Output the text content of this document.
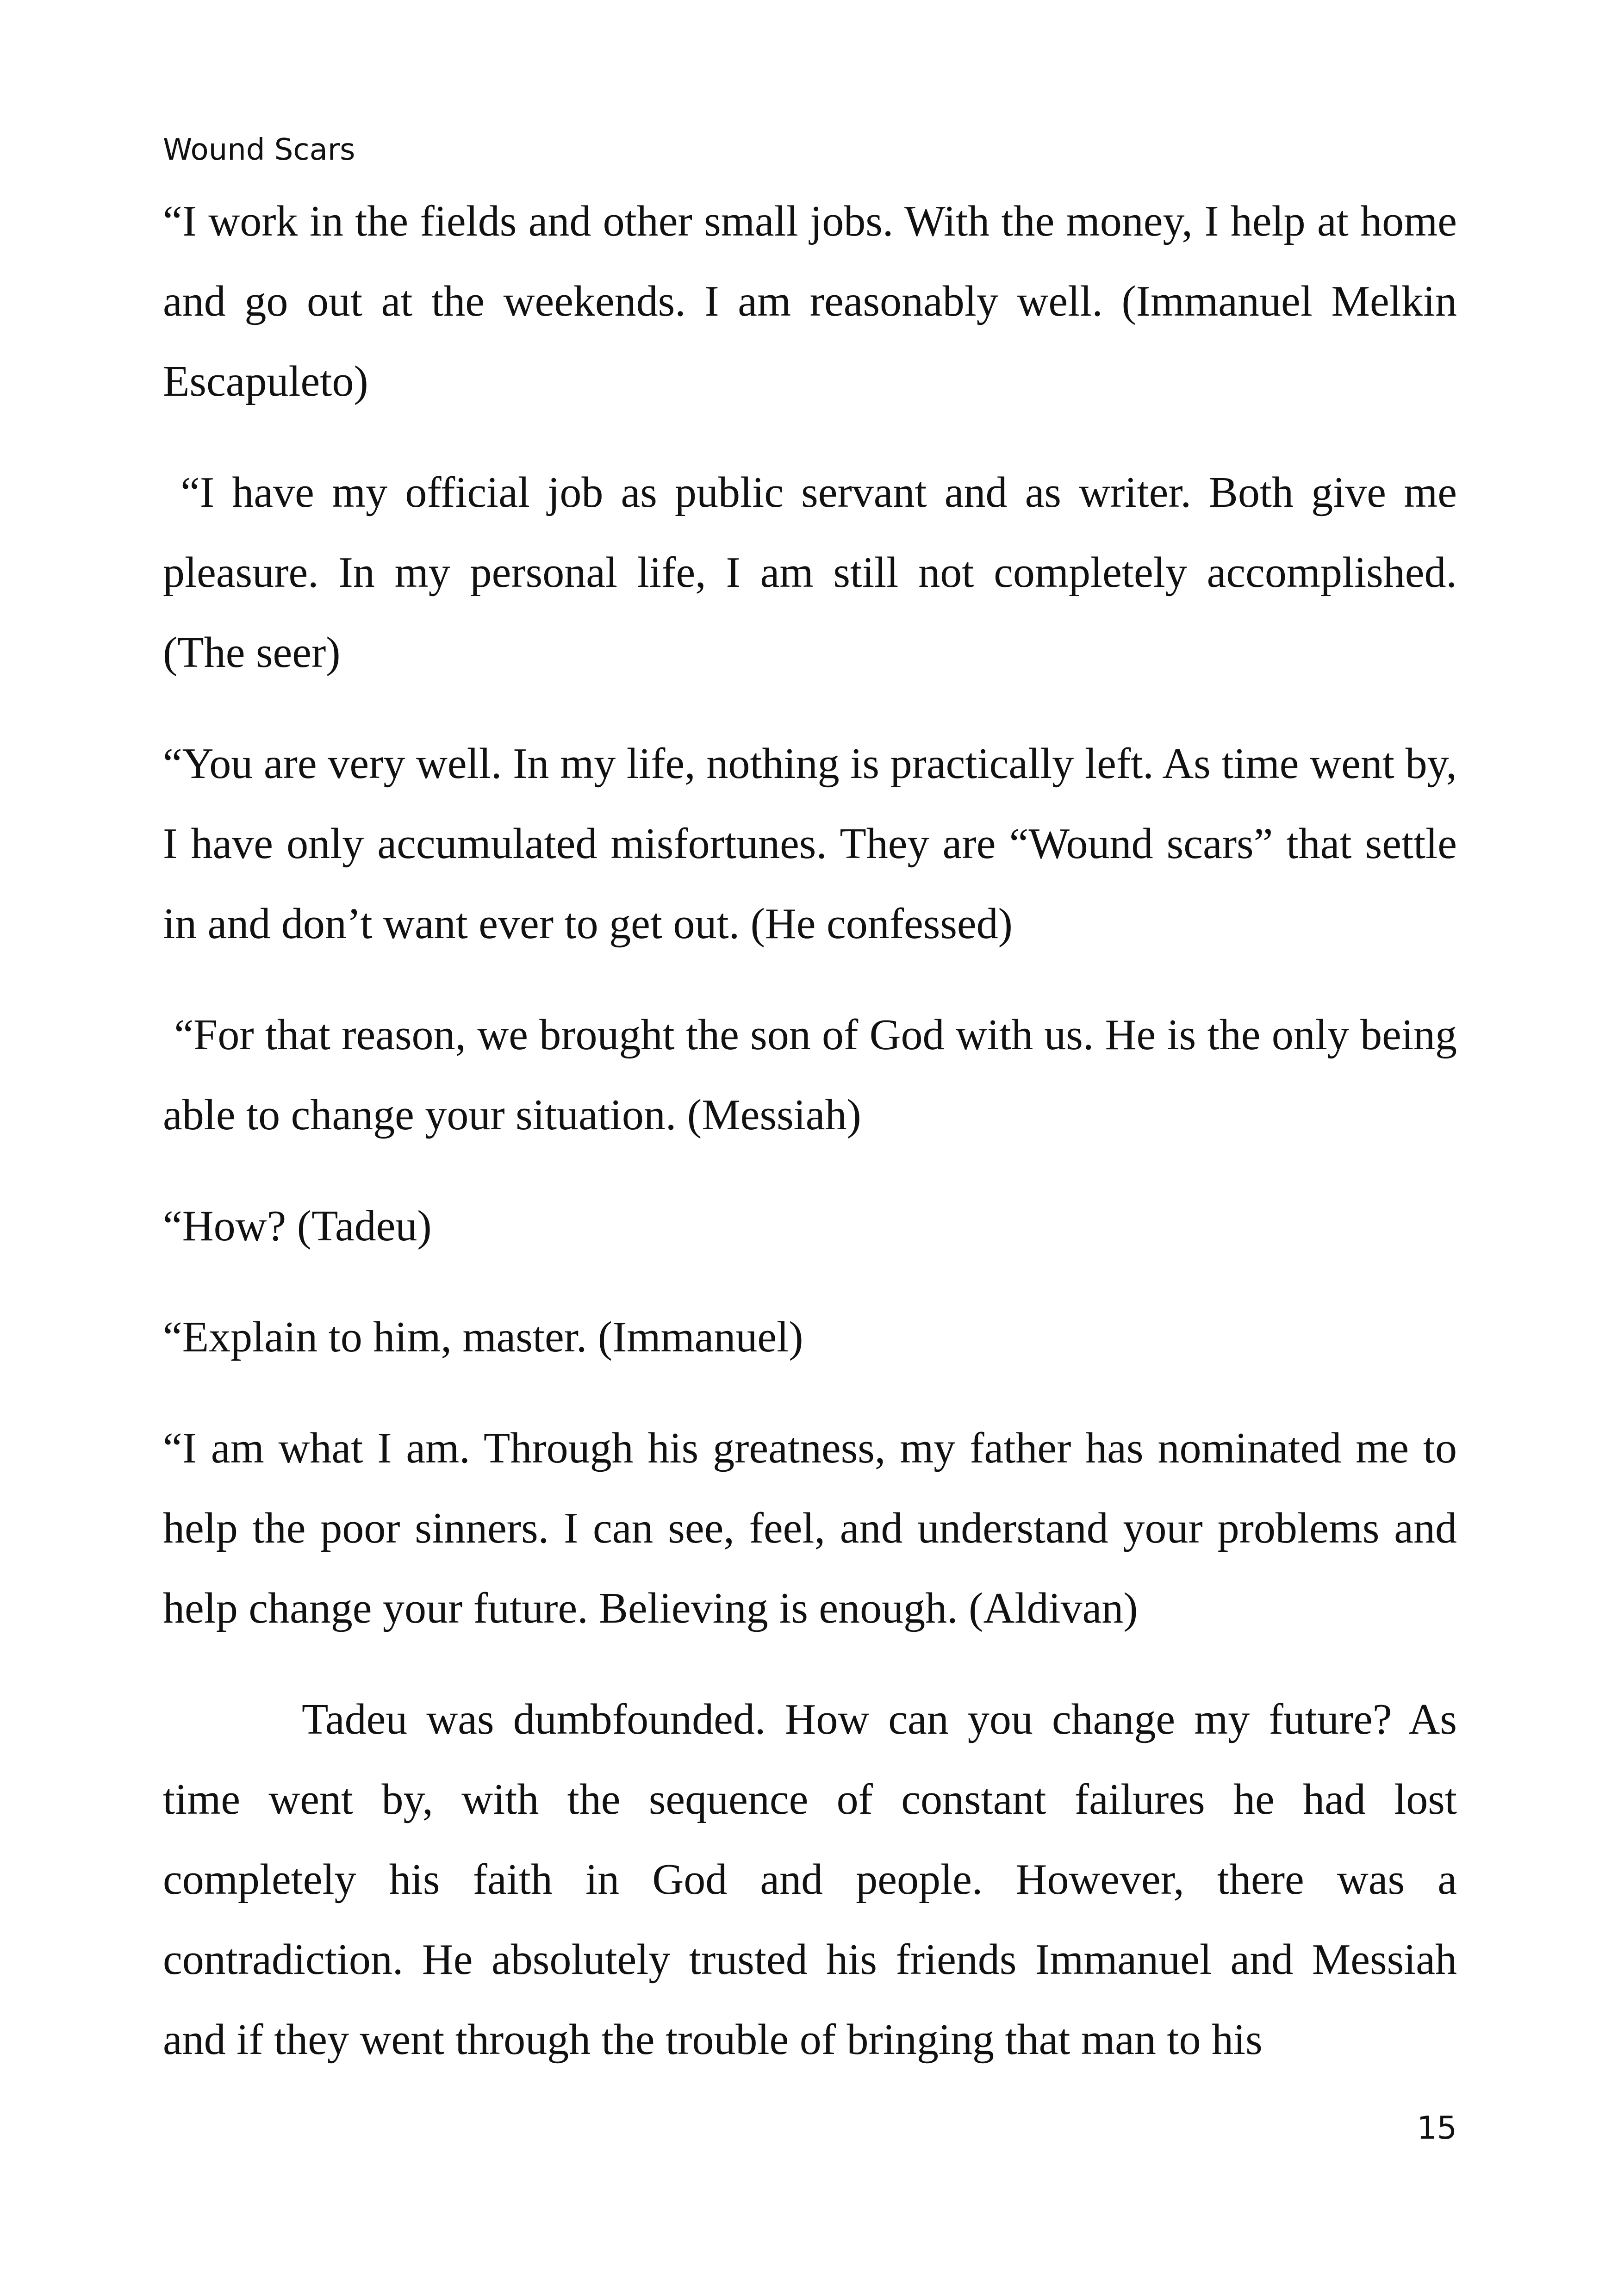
Wound Scars

“I work in the fields and other small jobs. With the money, I help at home and go out at the weekends. I am reasonably well. (Immanuel Melkin Escapuleto)

“I have my official job as public servant and as writer. Both give me pleasure. In my personal life, I am still not completely accomplished. (The seer)

“You are very well. In my life, nothing is practically left. As time went by, I have only accumulated misfortunes. They are “Wound scars” that settle in and don’t want ever to get out. (He confessed)

“For that reason, we brought the son of God with us. He is the only being able to change your situation. (Messiah)

“How? (Tadeu)

“Explain to him, master. (Immanuel)

“I am what I am. Through his greatness, my father has nominated me to help the poor sinners. I can see, feel, and understand your problems and help change your future. Believing is enough. (Aldivan)

Tadeu was dumbfounded. How can you change my future? As time went by, with the sequence of constant failures he had lost completely his faith in God and people. However, there was a contradiction. He absolutely trusted his friends Immanuel and Messiah and if they went through the trouble of bringing that man to his

15
